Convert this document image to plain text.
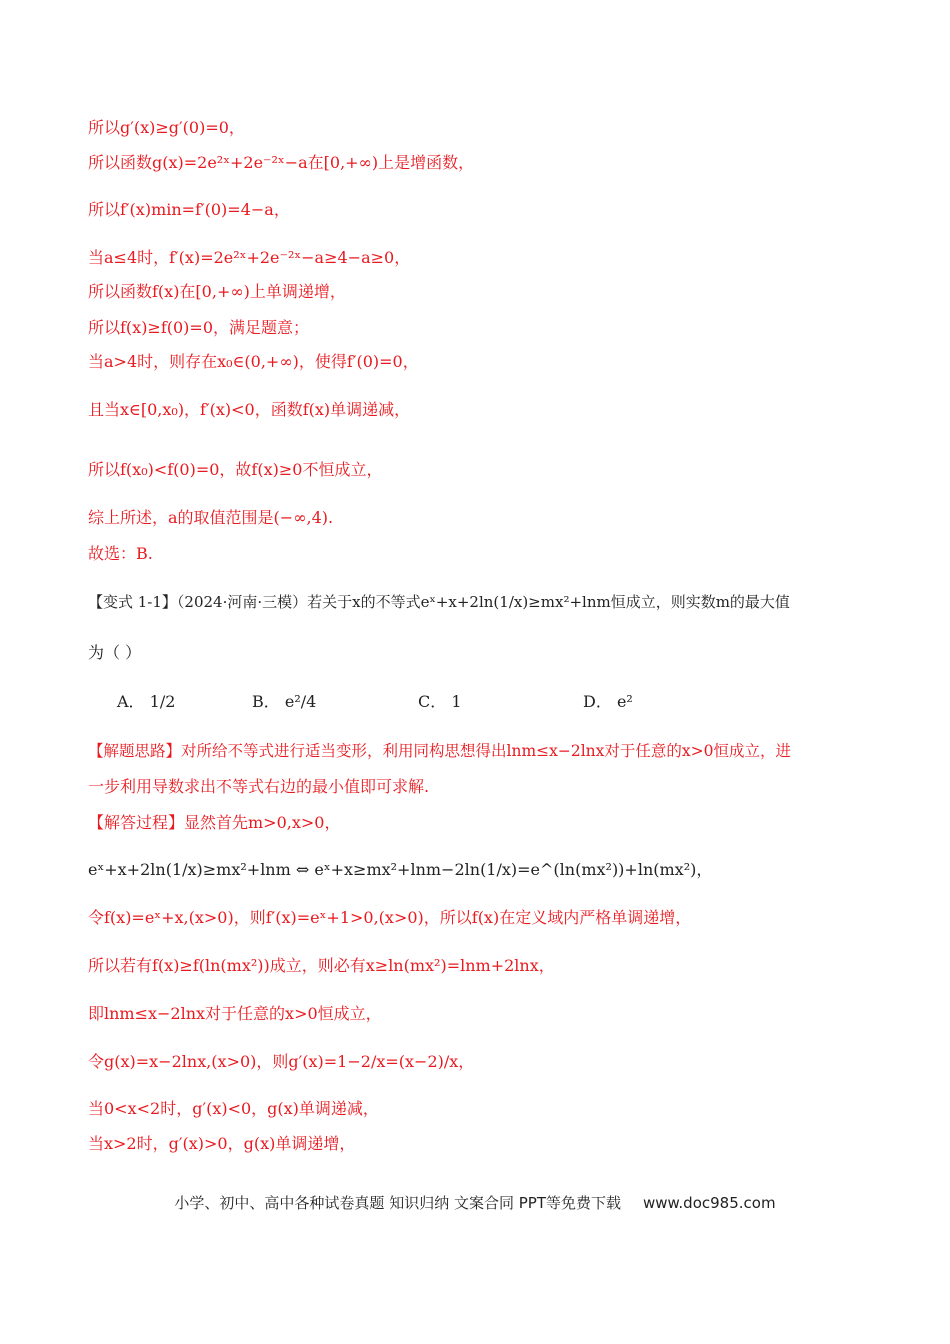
所以g′(x)≥g′(0)=0，
所以函数g(x)=2e²ˣ+2e⁻²ˣ−a在[0,+∞)上是增函数，
所以f′(x)min=f′(0)=4−a，
当a≤4时，f′(x)=2e²ˣ+2e⁻²ˣ−a≥4−a≥0，
所以函数f(x)在[0,+∞)上单调递增，
所以f(x)≥f(0)=0，满足题意；
当a>4时，则存在x₀∈(0,+∞)，使得f′(0)=0，
且当x∈[0,x₀)，f′(x)<0，函数f(x)单调递减，
所以f(x₀)<f(0)=0，故f(x)≥0不恒成立，
综上所述，a的取值范围是(−∞,4).
故选：B.
【变式 1-1】（2024·河南·三模）若关于x的不等式eˣ+x+2ln(1/x)≥mx²+lnm恒成立，则实数m的最大值
为（ ）
A． 1/2	B． e²/4	C． 1	D． e²
【解题思路】对所给不等式进行适当变形，利用同构思想得出lnm≤x−2lnx对于任意的x>0恒成立，进
一步利用导数求出不等式右边的最小值即可求解.
【解答过程】显然首先m>0,x>0，
eˣ+x+2ln(1/x)≥mx²+lnm ⇔ eˣ+x≥mx²+lnm−2ln(1/x)=e^(ln(mx²))+ln(mx²)，
令f(x)=eˣ+x,(x>0)，则f′(x)=eˣ+1>0,(x>0)，所以f(x)在定义域内严格单调递增，
所以若有f(x)≥f(ln(mx²))成立，则必有x≥ln(mx²)=lnm+2lnx，
即lnm≤x−2lnx对于任意的x>0恒成立，
令g(x)=x−2lnx,(x>0)，则g′(x)=1−2/x=(x−2)/x，
当0<x<2时，g′(x)<0，g(x)单调递减，
当x>2时，g′(x)>0，g(x)单调递增，
小学、初中、高中各种试卷真题 知识归纳 文案合同 PPT等免费下载 www.doc985.com
